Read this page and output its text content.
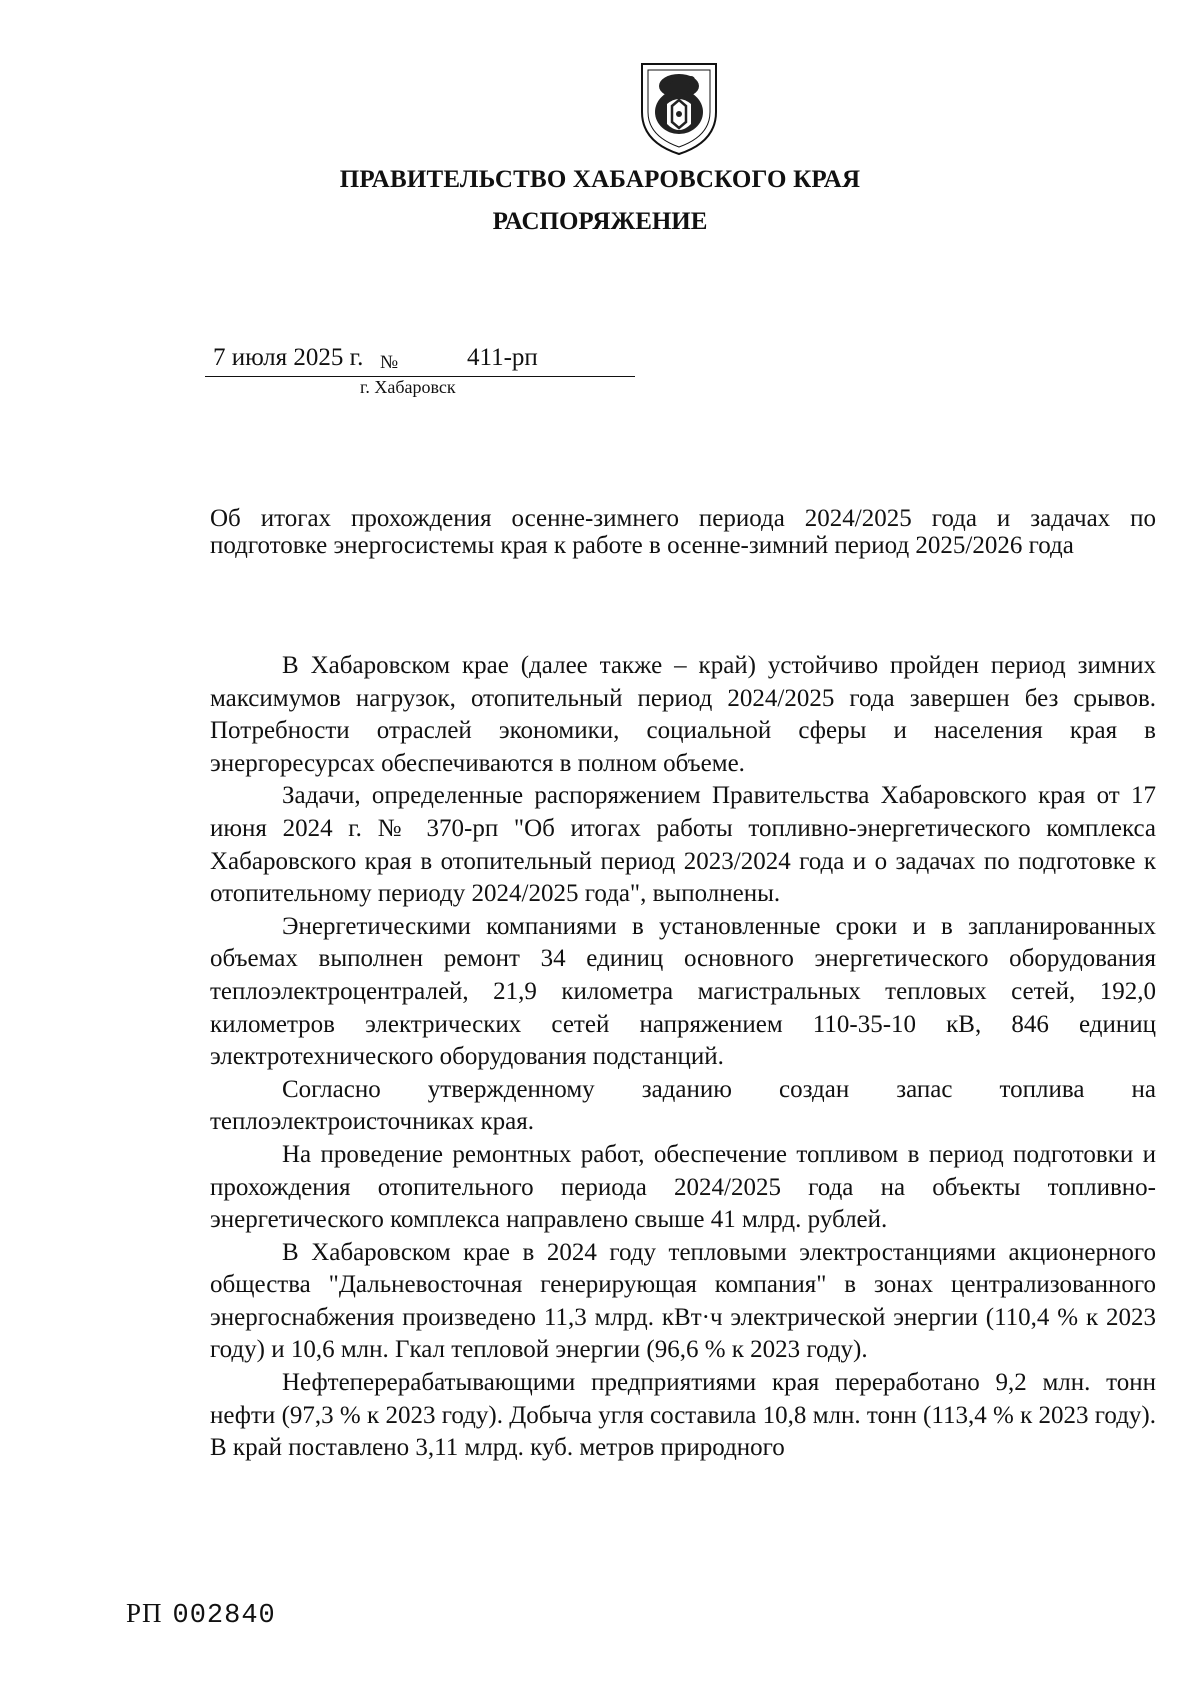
ПРАВИТЕЛЬСТВО ХАБАРОВСКОГО КРАЯ
РАСПОРЯЖЕНИЕ
7 июля 2025 г. №	411-рп
г. Хабаровск
Об итогах прохождения осенне-зимнего периода 2024/2025 года и задачах по подготовке энергосистемы края к работе в осенне-зимний период 2025/2026 года

В Хабаровском крае (далее также – край) устойчиво пройден период зимних максимумов нагрузок, отопительный период 2024/2025 года завершен без срывов. Потребности отраслей экономики, социальной сферы и населения края в энергоресурсах обеспечиваются в полном объеме.

Задачи, определенные распоряжением Правительства Хабаровского края от 17 июня 2024 г. № 370-рп "Об итогах работы топливно-энергетического комплекса Хабаровского края в отопительный период 2023/2024 года и о задачах по подготовке к отопительному периоду 2024/2025 года", выполнены.

Энергетическими компаниями в установленные сроки и в запланированных объемах выполнен ремонт 34 единиц основного энергетического оборудования теплоэлектроцентралей, 21,9 километра магистральных тепловых сетей, 192,0 километров электрических сетей напряжением 110-35-10 кВ, 846 единиц электротехнического оборудования подстанций.

Согласно утвержденному заданию создан запас топлива на теплоэлектроисточниках края.

На проведение ремонтных работ, обеспечение топливом в период подготовки и прохождения отопительного периода 2024/2025 года на объекты топливно-энергетического комплекса направлено свыше 41 млрд. рублей.

В Хабаровском крае в 2024 году тепловыми электростанциями акционерного общества "Дальневосточная генерирующая компания" в зонах централизованного энергоснабжения произведено 11,3 млрд. кВт·ч электрической энергии (110,4 % к 2023 году) и 10,6 млн. Гкал тепловой энергии (96,6 % к 2023 году).

Нефтеперерабатывающими предприятиями края переработано 9,2 млн. тонн нефти (97,3 % к 2023 году). Добыча угля составила 10,8 млн. тонн (113,4 % к 2023 году). В край поставлено 3,11 млрд. куб. метров природного

РП 002840
